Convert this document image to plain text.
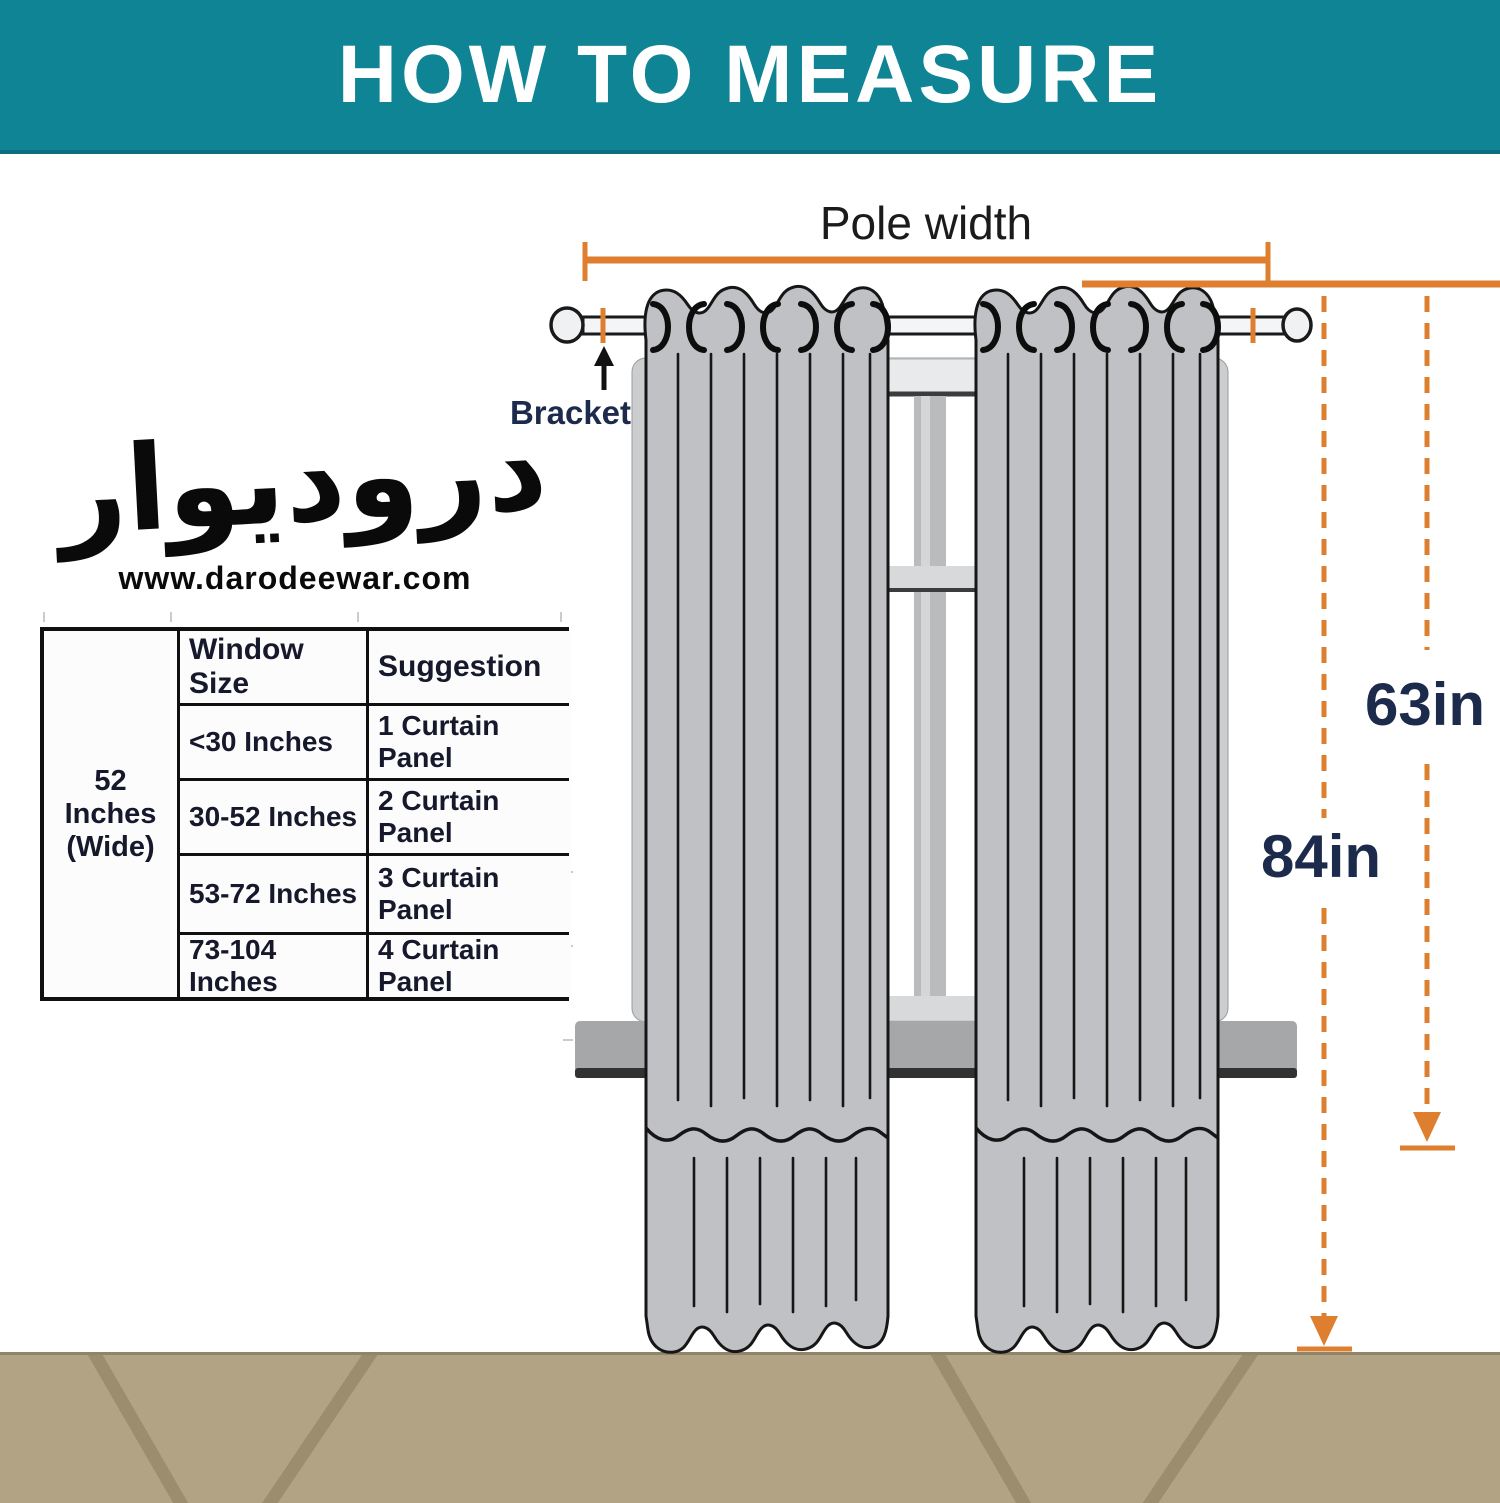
HOW TO MEASURE
Pole width
Bracket
63in
84in
درودیوار
www.darodeewar.com
52 Inches (Wide)
Window Size
Suggestion
<30 Inches
1 Curtain Panel
30-52 Inches
2 Curtain Panel
53-72 Inches
3 Curtain Panel
73-104 Inches
4 Curtain Panel
